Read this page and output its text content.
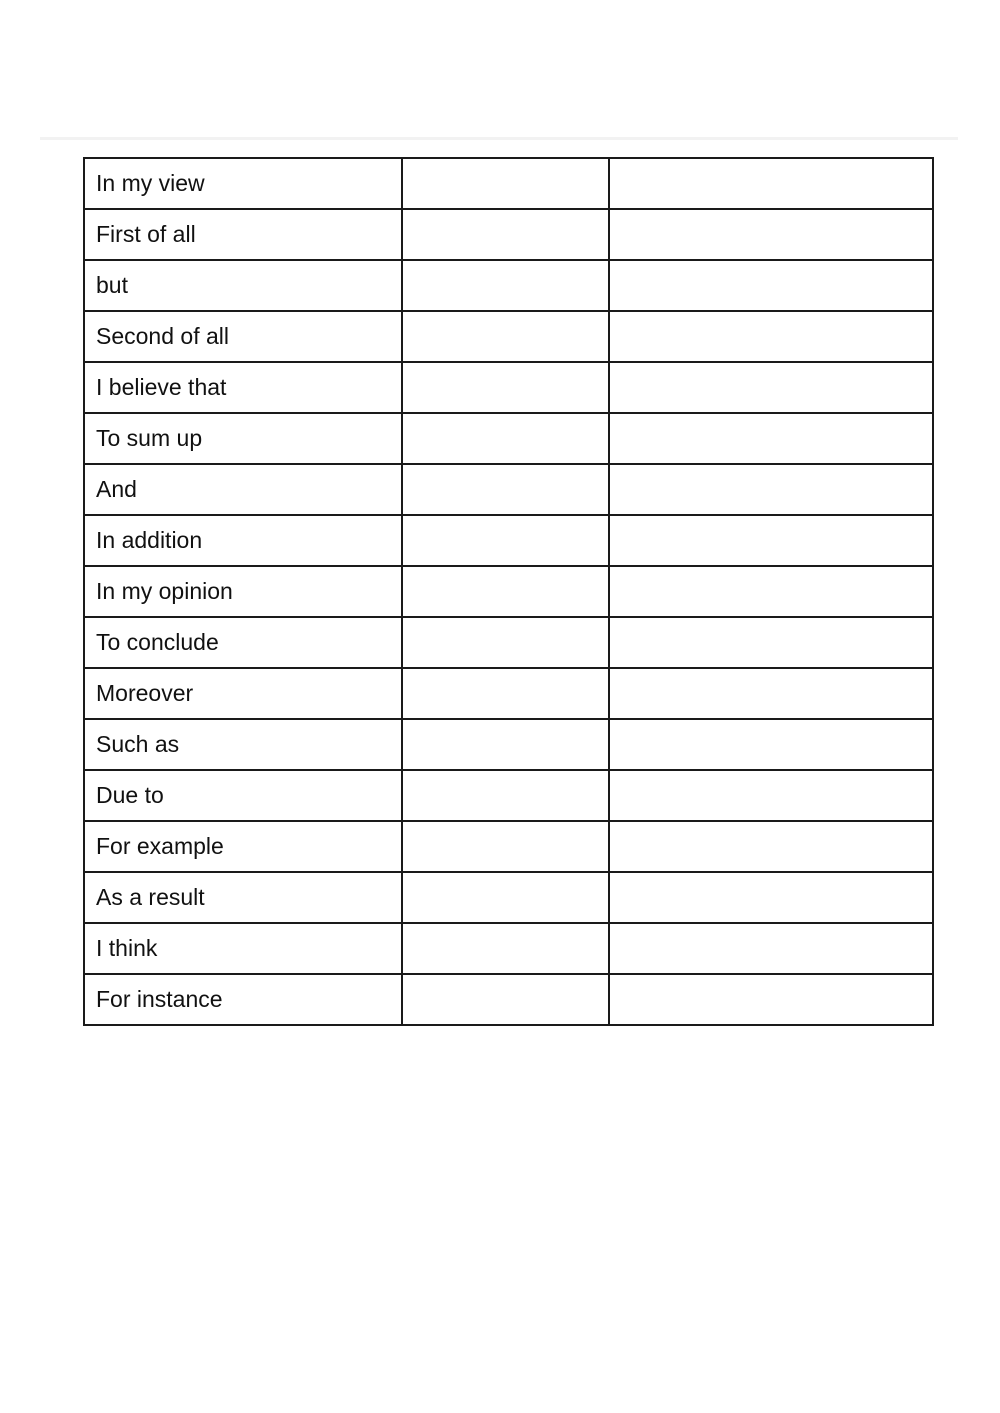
In my view		
First of all		
but		
Second of all		
I believe that		
To sum up		
And		
In addition		
In my opinion		
To conclude		
Moreover		
Such as		
Due to		
For example		
As a result		
I think		
For instance		
